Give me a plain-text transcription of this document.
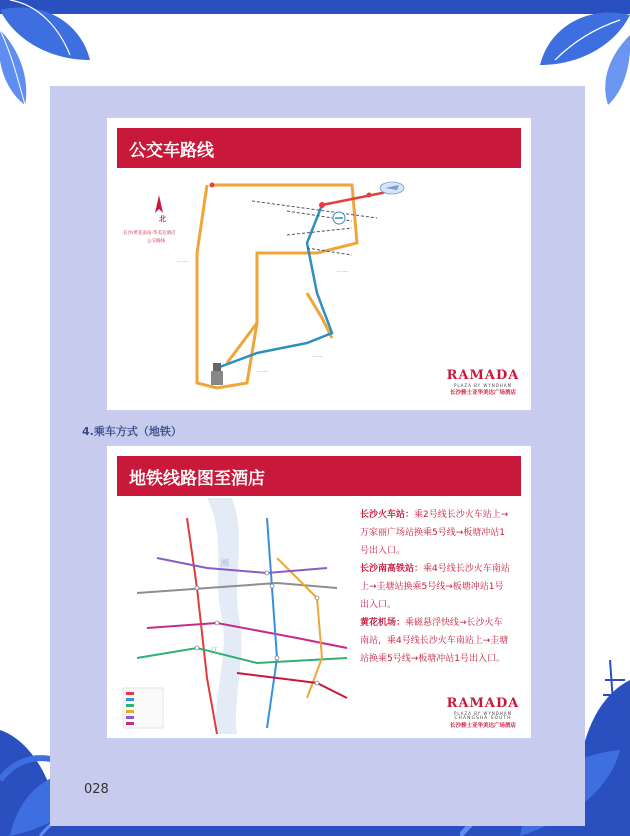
公交车路线
··········
··········
··········
··········
北
长沙/黄花南站-华美达酒店
公交路线
RAMADA
PLAZA BY WYNDHAM
长沙雅士亚华美达广场酒店
4.乘车方式（地铁）
地铁线路图至酒店
湘
江
RAMADA
PLAZA BY WYNDHAM
CHANGSHA SOUTH
长沙雅士亚华美达广场酒店
长沙火车站：乘2号线长沙火车站上→万家丽广场站换乘5号线→板塘冲站1号出入口。
长沙南高铁站：乘4号线长沙火车南站上→圭塘站换乘5号线→板塘冲站1号出入口。
黄花机场：乘磁悬浮快线→长沙火车南站，乘4号线长沙火车南站上→圭塘站换乘5号线→板塘冲站1号出入口。
028
